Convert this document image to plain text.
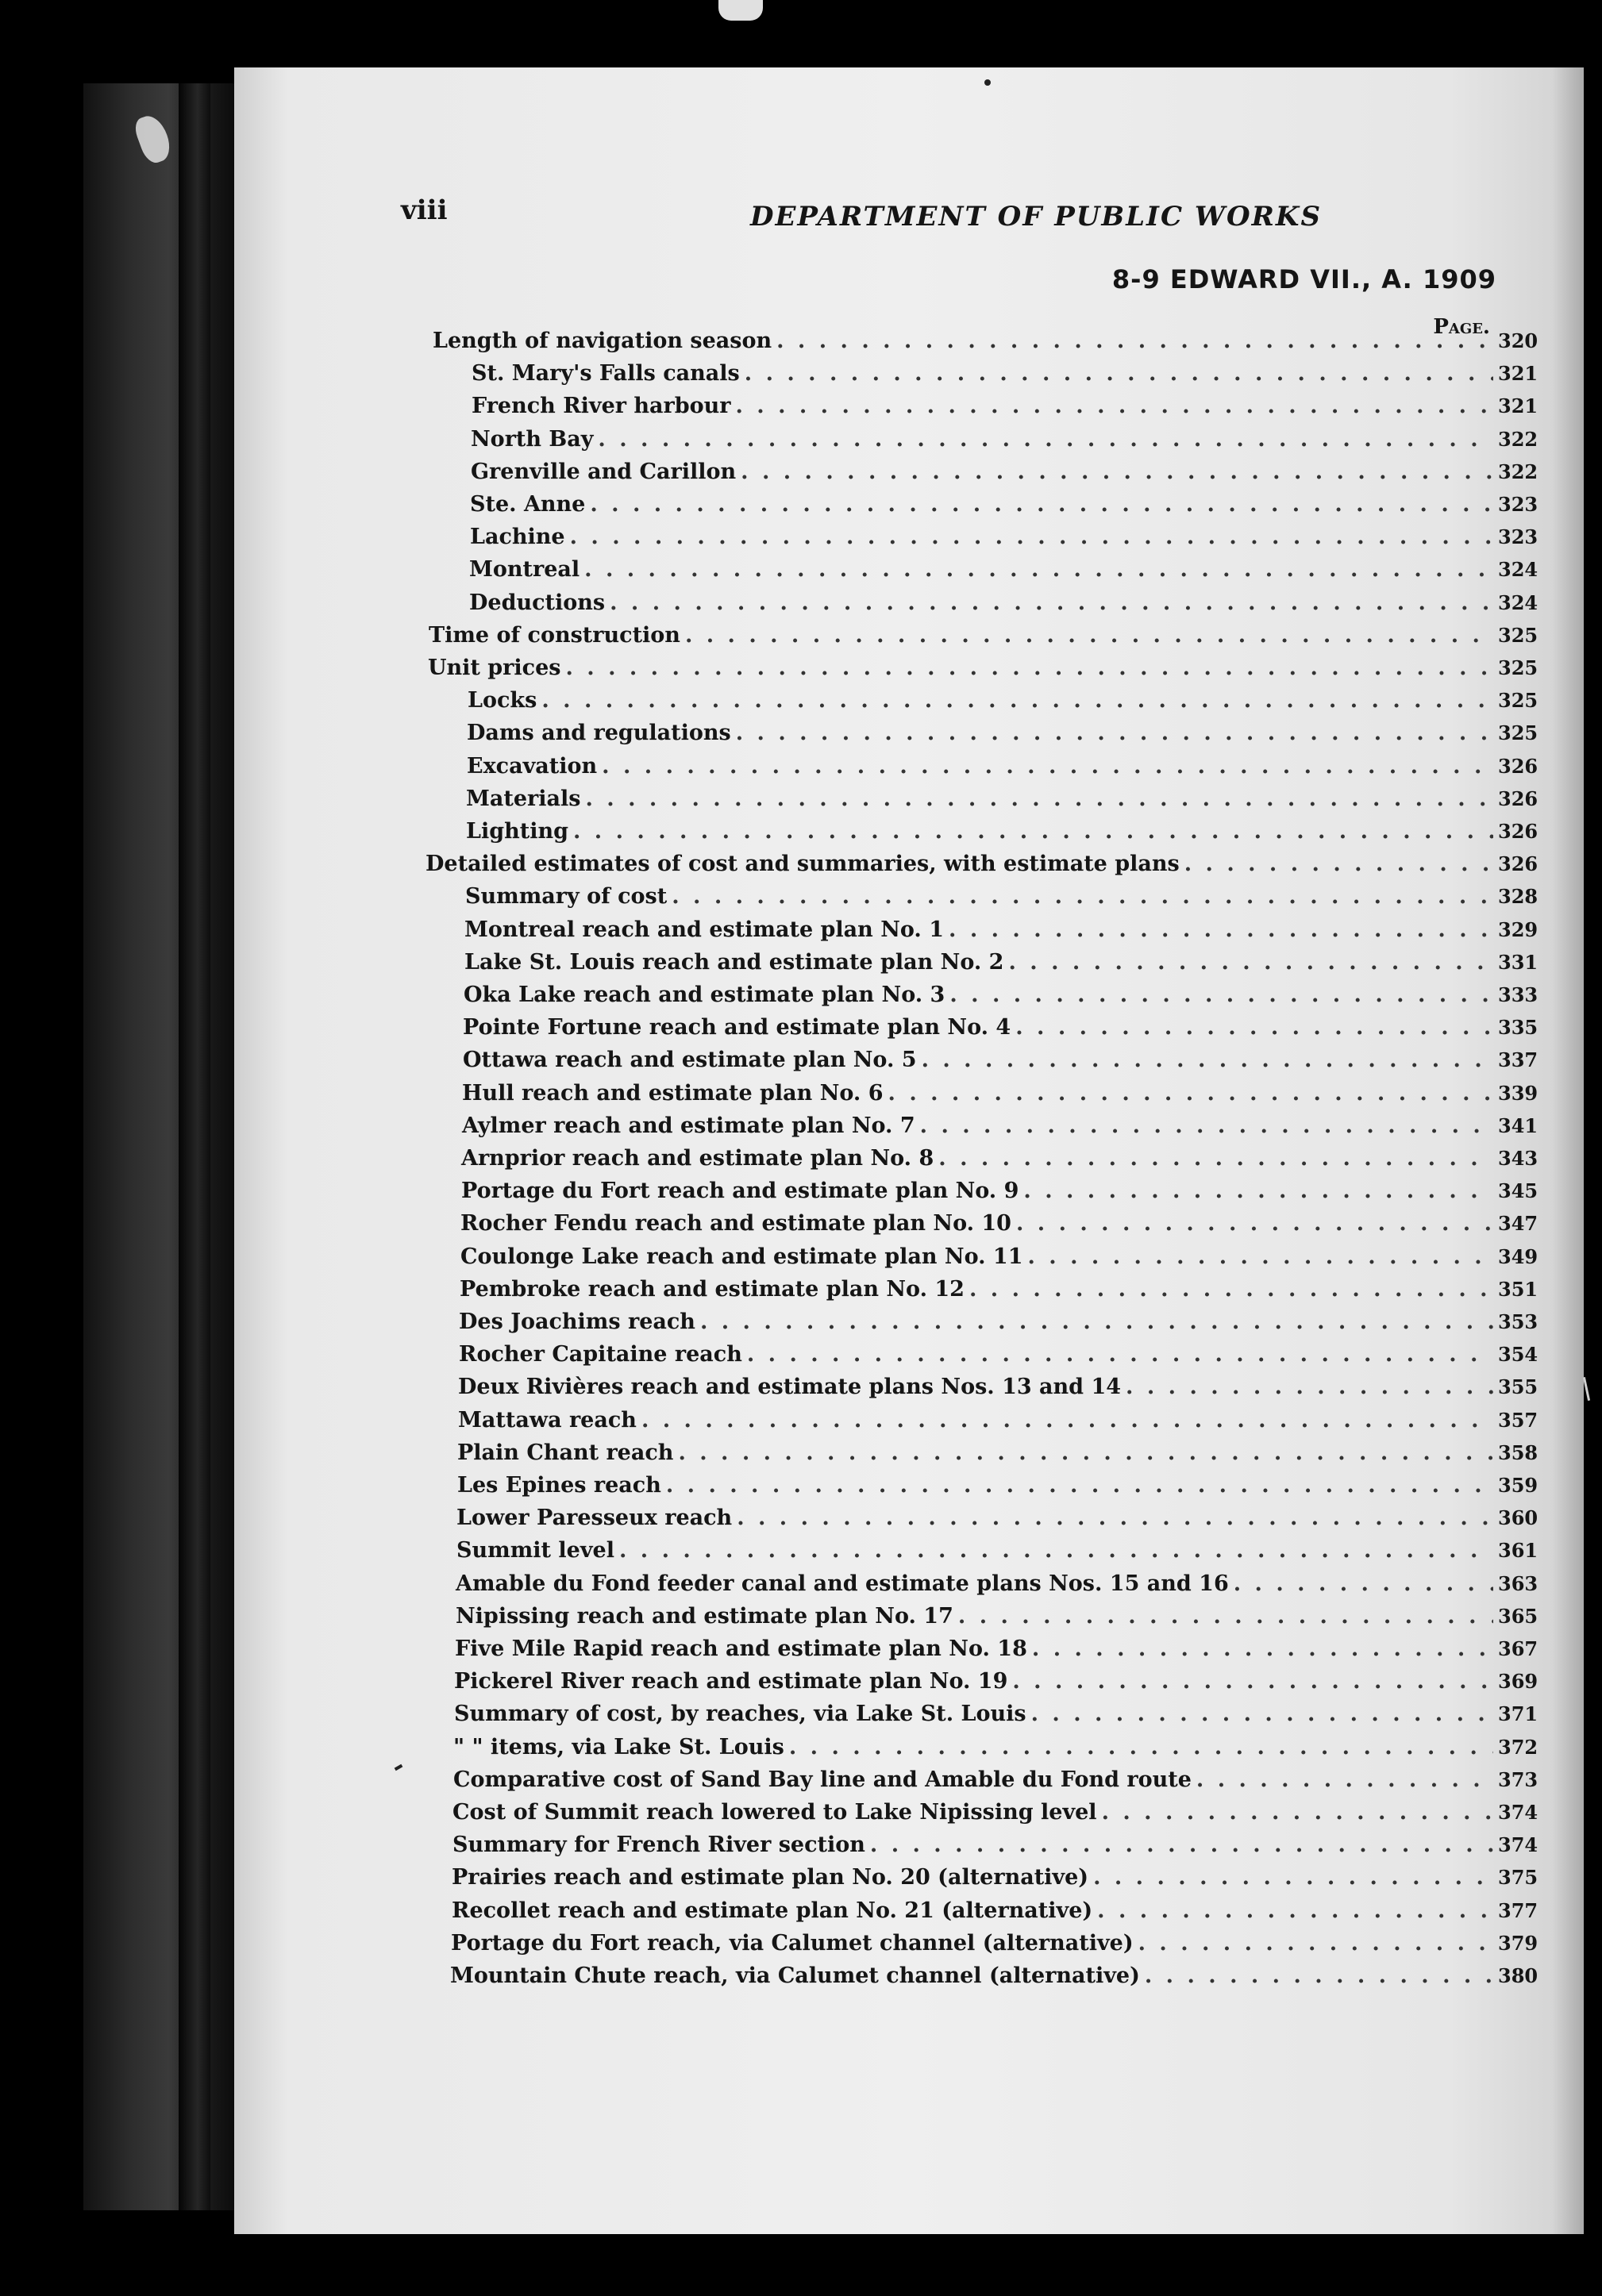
viii	DEPARTMENT OF PUBLIC WORKS
8-9 EDWARD VII., A. 1909
Page.
Length of navigation season . . .	320
St. Mary's Falls canals . . .	321
French River harbour . . .	321
North Bay . . .	322
Grenville and Carillon . . .	322
Ste. Anne . . .	323
Lachine . . .	323
Montreal . . .	324
Deductions . . .	324
Time of construction . . .	325
Unit prices . . .	325
Locks . . .	325
Dams and regulations . . .	325
Excavation . . .	326
Materials . . .	326
Lighting . . .	326
Detailed estimates of cost and summaries, with estimate plans . . .	326
Summary of cost . . .	328
Montreal reach and estimate plan No. 1 . . .	329
Lake St. Louis reach and estimate plan No. 2 . . .	331
Oka Lake reach and estimate plan No. 3 . . .	333
Pointe Fortune reach and estimate plan No. 4 . . .	335
Ottawa reach and estimate plan No. 5 . . .	337
Hull reach and estimate plan No. 6 . . .	339
Aylmer reach and estimate plan No. 7 . . .	341
Arnprior reach and estimate plan No. 8 . . .	343
Portage du Fort reach and estimate plan No. 9 . . .	345
Rocher Fendu reach and estimate plan No. 10 . . .	347
Coulonge Lake reach and estimate plan No. 11 . . .	349
Pembroke reach and estimate plan No. 12 . . .	351
Des Joachims reach . . .	353
Rocher Capitaine reach . . .	354
Deux Rivières reach and estimate plans Nos. 13 and 14 . . .	355
Mattawa reach . . .	357
Plain Chant reach . . .	358
Les Epines reach . . .	359
Lower Paresseux reach . . .	360
Summit level . . .	361
Amable du Fond feeder canal and estimate plans Nos. 15 and 16 . . .	363
Nipissing reach and estimate plan No. 17 . . .	365
Five Mile Rapid reach and estimate plan No. 18 . . .	367
Pickerel River reach and estimate plan No. 19 . . .	369
Summary of cost, by reaches, via Lake St. Louis . . .	371
" " items, via Lake St. Louis . . .	372
Comparative cost of Sand Bay line and Amable du Fond route . . .	373
Cost of Summit reach lowered to Lake Nipissing level . . .	374
Summary for French River section . . .	374
Prairies reach and estimate plan No. 20 (alternative) . . .	375
Recollet reach and estimate plan No. 21 (alternative) . . .	377
Portage du Fort reach, via Calumet channel (alternative) . . .	379
Mountain Chute reach, via Calumet channel (alternative) . . .	380
